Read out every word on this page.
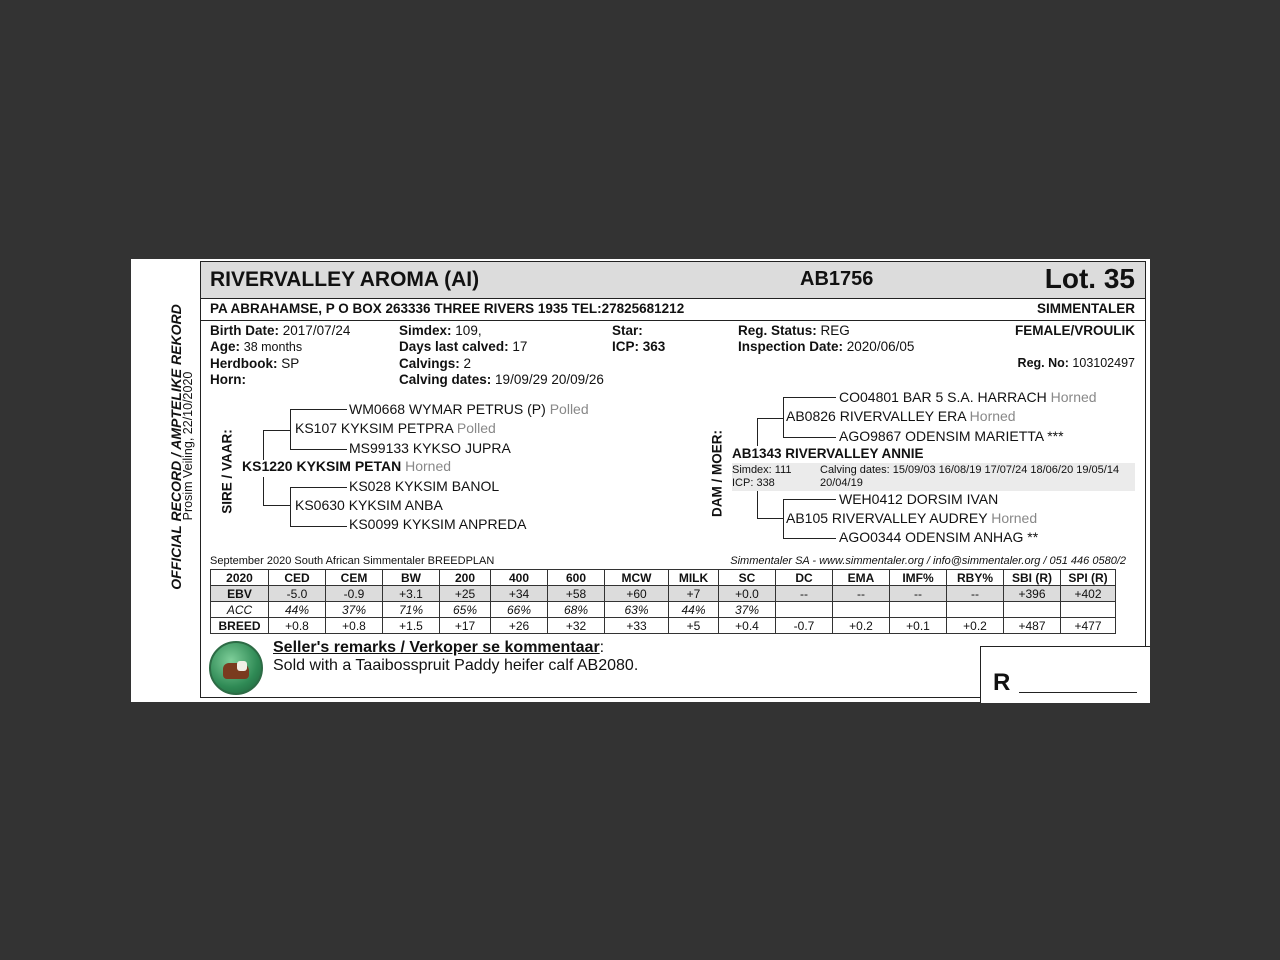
OFFICIAL RECORD / AMPTELIKE REKORD
Prosim Veiling, 22/10/2020
RIVERVALLEY AROMA (AI)	AB1756	Lot. 35
PA ABRAHAMSE, P O BOX 263336 THREE RIVERS 1935 TEL:27825681212	SIMMENTALER
Birth Date: 2017/07/24
Age: 38 months
Herdbook: SP
Horn:
Simdex: 109,
Days last calved: 17
Calvings: 2
Calving dates: 19/09/29 20/09/26
Star:
ICP: 363
Reg. Status: REG
Inspection Date: 2020/06/05
FEMALE/VROULIK
Reg. No: 103102497
SIRE / VAAR:
WM0668 WYMAR PETRUS (P) Polled
KS107 KYKSIM PETPRA Polled
MS99133 KYKSO JUPRA
KS1220 KYKSIM PETAN Horned
KS028 KYKSIM BANOL
KS0630 KYKSIM ANBA
KS0099 KYKSIM ANPREDA
DAM / MOER:
CO04801 BAR 5 S.A. HARRACH Horned
AB0826 RIVERVALLEY ERA Horned
AGO9867 ODENSIM MARIETTA ***
AB1343 RIVERVALLEY ANNIE
Simdex: 111
ICP: 338
Calving dates: 15/09/03 16/08/19 17/07/24 18/06/20 19/05/14
20/04/19
WEH0412 DORSIM IVAN
AB105 RIVERVALLEY AUDREY Horned
AGO0344 ODENSIM ANHAG **
September 2020 South African Simmentaler BREEDPLAN	Simmentaler SA - www.simmentaler.org / info@simmentaler.org / 051 446 0580/2
2020	CED	CEM	BW	200	400	600	MCW	MILK	SC	DC	EMA	IMF%	RBY%	SBI (R)	SPI (R)
EBV	-5.0	-0.9	+3.1	+25	+34	+58	+60	+7	+0.0	--	--	--	--	+396	+402
ACC	44%	37%	71%	65%	66%	68%	63%	44%	37%						
BREED	+0.8	+0.8	+1.5	+17	+26	+32	+33	+5	+0.4	-0.7	+0.2	+0.1	+0.2	+487	+477
Seller's remarks / Verkoper se kommentaar:
Sold with a Taaibosspruit Paddy heifer calf AB2080.
R
